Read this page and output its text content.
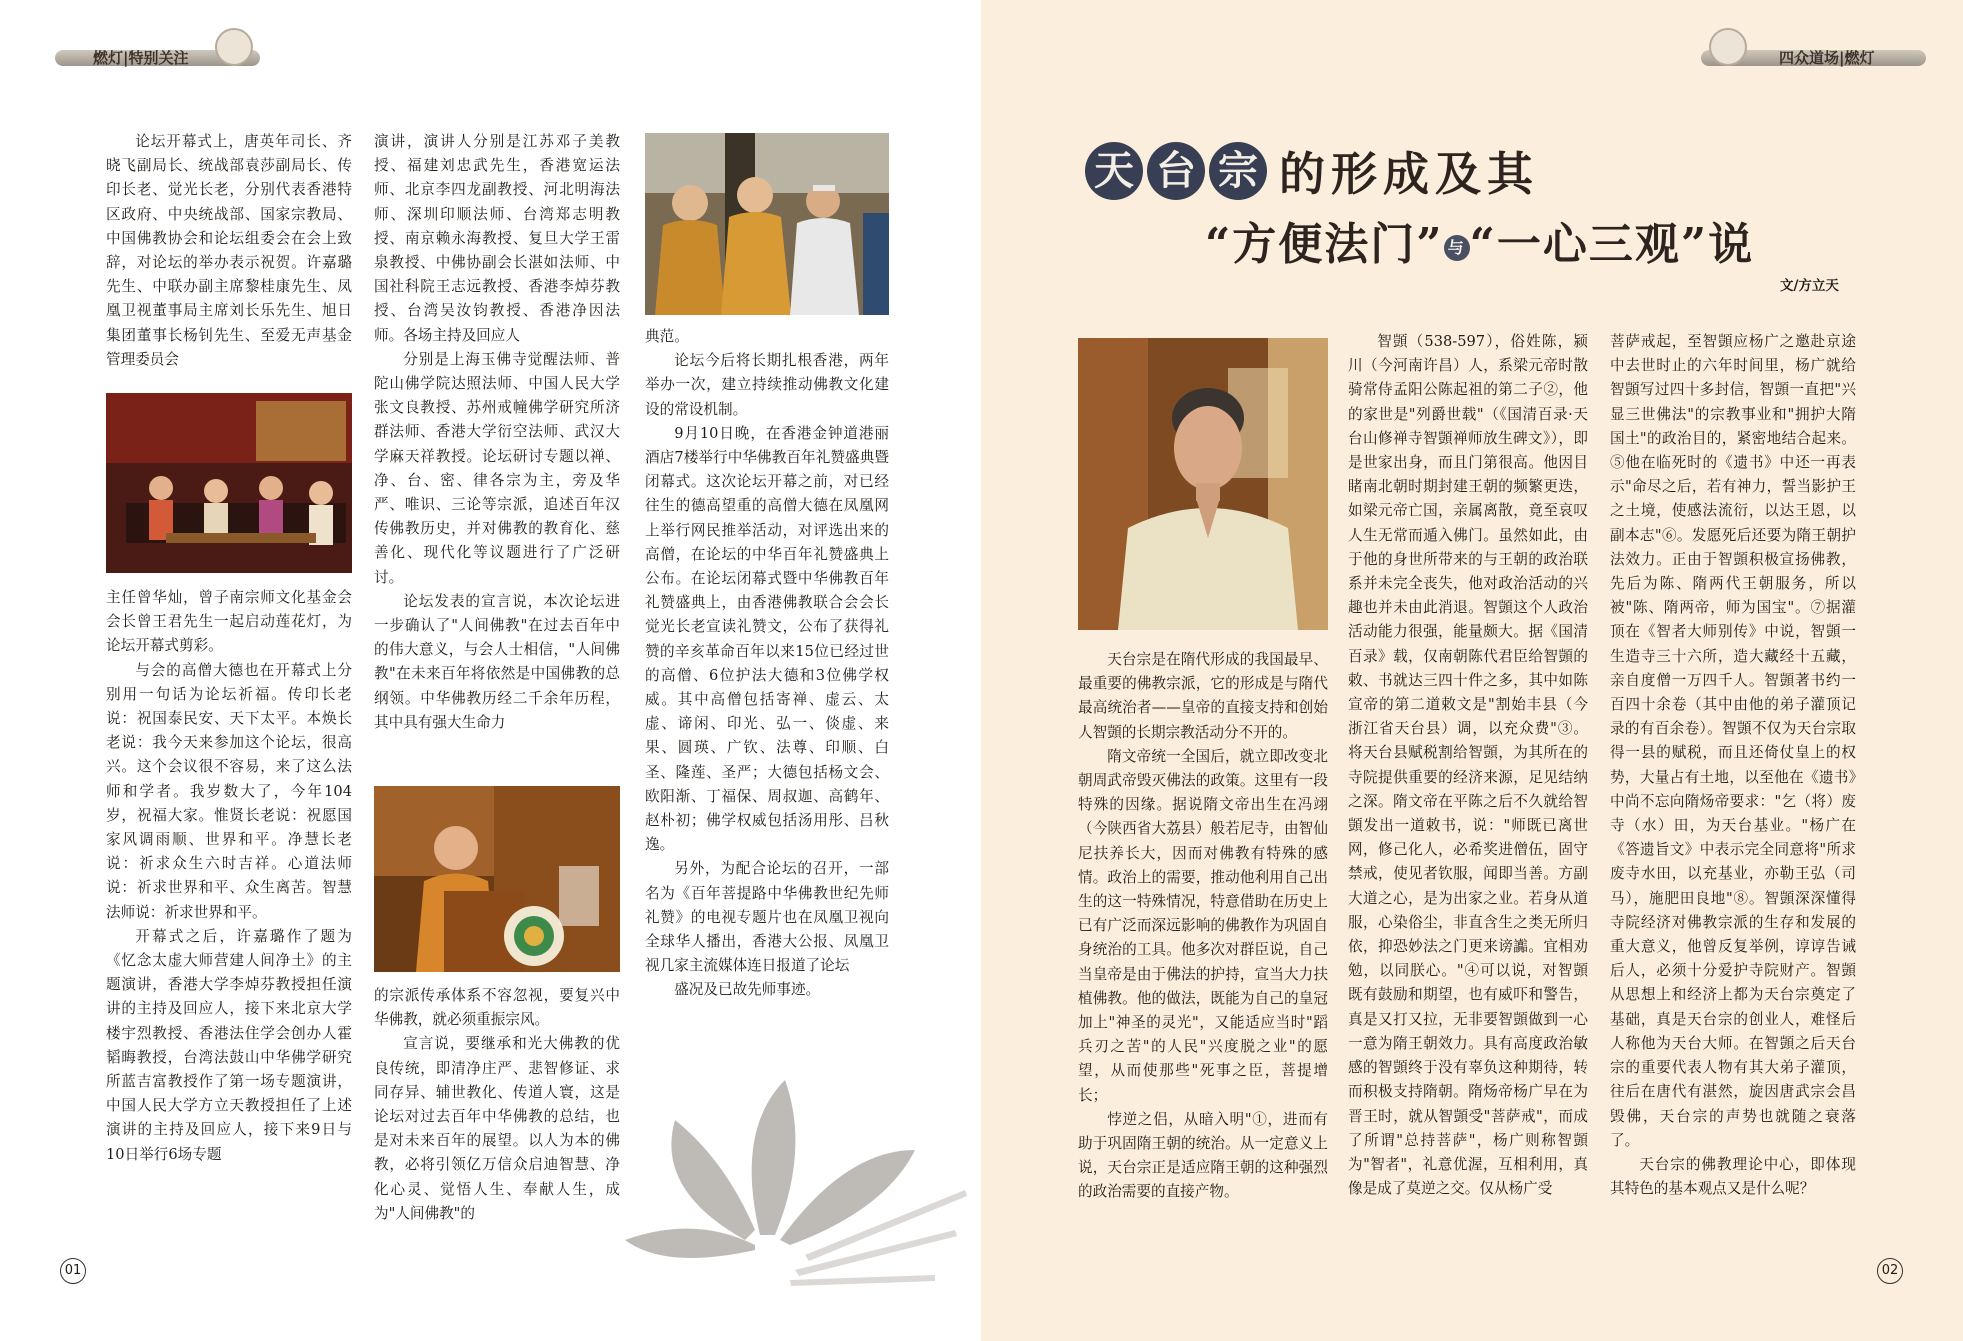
燃灯|特别关注

论坛开幕式上，唐英年司长、齐晓飞副局长、统战部袁莎副局长、传印长老、觉光长老，分别代表香港特区政府、中央统战部、国家宗教局、中国佛教协会和论坛组委会在会上致辞，对论坛的举办表示祝贺。许嘉璐先生、中联办副主席黎桂康先生、凤凰卫视董事局主席刘长乐先生、旭日集团董事长杨钊先生、至爱无声基金管理委员会

主任曾华灿，曾子南宗师文化基金会会长曾王君先生一起启动莲花灯，为论坛开幕式剪彩。

与会的高僧大德也在开幕式上分别用一句话为论坛祈福。传印长老说：祝国泰民安、天下太平。本焕长老说：我今天来参加这个论坛，很高兴。这个会议很不容易，来了这么法师和学者。我岁数大了，今年104岁，祝福大家。惟贤长老说：祝愿国家风调雨顺、世界和平。净慧长老说：祈求众生六时吉祥。心道法师说：祈求世界和平、众生离苦。智慧法师说：祈求世界和平。

开幕式之后，许嘉璐作了题为《忆念太虚大师营建人间净土》的主题演讲，香港大学李焯芬教授担任演讲的主持及回应人，接下来北京大学楼宇烈教授、香港法住学会创办人霍韬晦教授，台湾法鼓山中华佛学研究所蓝吉富教授作了第一场专题演讲，中国人民大学方立天教授担任了上述演讲的主持及回应人，接下来9日与10日举行6场专题

演讲，演讲人分别是江苏邓子美教授、福建刘忠武先生，香港宽运法师、北京李四龙副教授、河北明海法师、深圳印顺法师、台湾郑志明教授、南京赖永海教授、复旦大学王雷泉教授、中佛协副会长湛如法师、中国社科院王志远教授、香港李焯芬教授、台湾吴汝钧教授、香港净因法师。各场主持及回应人

分别是上海玉佛寺觉醒法师、普陀山佛学院达照法师、中国人民大学张文良教授、苏州戒幢佛学研究所济群法师、香港大学衍空法师、武汉大学麻天祥教授。论坛研讨专题以禅、净、台、密、律各宗为主，旁及华严、唯识、三论等宗派，追述百年汉传佛教历史，并对佛教的教育化、慈善化、现代化等议题进行了广泛研讨。

论坛发表的宣言说，本次论坛进一步确认了"人间佛教"在过去百年中的伟大意义，与会人士相信，"人间佛教"在未来百年将依然是中国佛教的总纲领。中华佛教历经二千余年历程，其中具有强大生命力

的宗派传承体系不容忽视，要复兴中华佛教，就必须重振宗风。

宣言说，要继承和光大佛教的优良传统，即清净庄严、悲智修证、求同存异、辅世教化、传道人寰，这是论坛对过去百年中华佛教的总结，也是对未来百年的展望。以人为本的佛教，必将引领亿万信众启迪智慧、净化心灵、觉悟人生、奉献人生，成为"人间佛教"的

典范。

论坛今后将长期扎根香港，两年举办一次，建立持续推动佛教文化建设的常设机制。

9月10日晚，在香港金钟道港丽酒店7楼举行中华佛教百年礼赞盛典暨闭幕式。这次论坛开幕之前，对已经往生的德高望重的高僧大德在凤凰网上举行网民推举活动，对评选出来的高僧，在论坛的中华百年礼赞盛典上公布。在论坛闭幕式暨中华佛教百年礼赞盛典上，由香港佛教联合会会长觉光长老宣读礼赞文，公布了获得礼赞的辛亥革命百年以来15位已经过世的高僧、6位护法大德和3位佛学权威。其中高僧包括寄禅、虚云、太虚、谛闲、印光、弘一、倓虚、来果、圆瑛、广钦、法尊、印顺、白圣、隆莲、圣严；大德包括杨文会、欧阳渐、丁福保、周叔迦、高鹤年、赵朴初；佛学权威包括汤用彤、吕秋逸。

另外，为配合论坛的召开，一部名为《百年菩提路中华佛教世纪先师礼赞》的电视专题片也在凤凰卫视向全球华人播出，香港大公报、凤凰卫视几家主流媒体连日报道了论坛

盛况及已故先师事迹。

01
四众道场|燃灯
天 台 宗 的形成及其
“方便法门” 与“一心三观”说
文/方立天

天台宗是在隋代形成的我国最早、最重要的佛教宗派，它的形成是与隋代最高统治者——皇帝的直接支持和创始人智顗的长期宗教活动分不开的。

隋文帝统一全国后，就立即改变北朝周武帝毁灭佛法的政策。这里有一段特殊的因缘。据说隋文帝出生在冯翊（今陕西省大荔县）般若尼寺，由智仙尼扶养长大，因而对佛教有特殊的感情。政治上的需要，推动他利用自己出生的这一特殊情况，特意借助在历史上已有广泛而深远影响的佛教作为巩固自身统治的工具。他多次对群臣说，自己当皇帝是由于佛法的护持，宣当大力扶植佛教。他的做法，既能为自己的皇冠加上"神圣的灵光"，又能适应当时"蹈兵刃之苦"的人民"兴度脱之业"的愿望，从而使那些"死事之臣，菩提增长；

悖逆之侣，从暗入明"①，进而有助于巩固隋王朝的统治。从一定意义上说，天台宗正是适应隋王朝的这种强烈的政治需要的直接产物。

智顗（538-597），俗姓陈，颍川（今河南许昌）人，系梁元帝时散骑常侍孟阳公陈起祖的第二子②，他的家世是"列爵世载"（《国清百录·天台山修禅寺智顗禅师放生碑文》），即是世家出身，而且门第很高。他因目睹南北朝时期封建王朝的频繁更迭，如梁元帝亡国，亲属离散，竟至哀叹人生无常而遁入佛门。虽然如此，由于他的身世所带来的与王朝的政治联系并未完全丧失，他对政治活动的兴趣也并未由此消退。智顗这个人政治活动能力很强，能量颇大。据《国清百录》载，仅南朝陈代君臣给智顗的敕、书就达三四十件之多，其中如陈宣帝的第二道敕文是"割始丰县（今浙江省天台县）调，以充众费"③。将天台县赋税割给智顗，为其所在的寺院提供重要的经济来源，足见结纳之深。隋文帝在平陈之后不久就给智顗发出一道敕书，说："师既已离世网，修己化人，必希奖进僧伍，固守禁戒，使见者钦服，闻即当善。方副大道之心，是为出家之业。若身从道服，心染俗尘，非直含生之类无所归依，抑恐妙法之门更来谤讟。宜相劝勉，以同朕心。"④可以说，对智顗既有鼓励和期望，也有威吓和警告，真是又打又拉，无非要智顗做到一心一意为隋王朝效力。具有高度政治敏感的智顗终于没有辜负这种期待，转而积极支持隋朝。隋炀帝杨广早在为晋王时，就从智顗受"菩萨戒"，而成了所谓"总持菩萨"，杨广则称智顗为"智者"，礼意优渥，互相利用，真像是成了莫逆之交。仅从杨广受

菩萨戒起，至智顗应杨广之邀赴京途中去世时止的六年时间里，杨广就给智顗写过四十多封信，智顗一直把"兴显三世佛法"的宗教事业和"拥护大隋国土"的政治目的，紧密地结合起来。⑤他在临死时的《遗书》中还一再表示"命尽之后，若有神力，誓当影护王之土境，使感法流衍，以达王恩，以副本志"⑥。发愿死后还要为隋王朝护法效力。正由于智顗积极宣扬佛教，先后为陈、隋两代王朝服务，所以被"陈、隋两帝，师为国宝"。⑦据灌顶在《智者大师别传》中说，智顗一生造寺三十六所，造大藏经十五藏，亲自度僧一万四千人。智顗著书约一百四十余卷（其中由他的弟子灌顶记录的有百余卷）。智顗不仅为天台宗取得一县的赋税，而且还倚仗皇上的权势，大量占有土地，以至他在《遗书》中尚不忘向隋炀帝要求："乞（将）废寺（水）田，为天台基业。"杨广在《答遗旨文》中表示完全同意将"所求废寺水田，以充基业，亦勒王弘（司马），施肥田良地"⑧。智顗深深懂得寺院经济对佛教宗派的生存和发展的重大意义，他曾反复举例，谆谆告诫后人，必须十分爱护寺院财产。智顗从思想上和经济上都为天台宗奠定了基础，真是天台宗的创业人，难怪后人称他为天台大师。在智顗之后天台宗的重要代表人物有其大弟子灌顶，往后在唐代有湛然，旋因唐武宗会昌毁佛，天台宗的声势也就随之衰落了。

天台宗的佛教理论中心，即体现其特色的基本观点又是什么呢？

02
